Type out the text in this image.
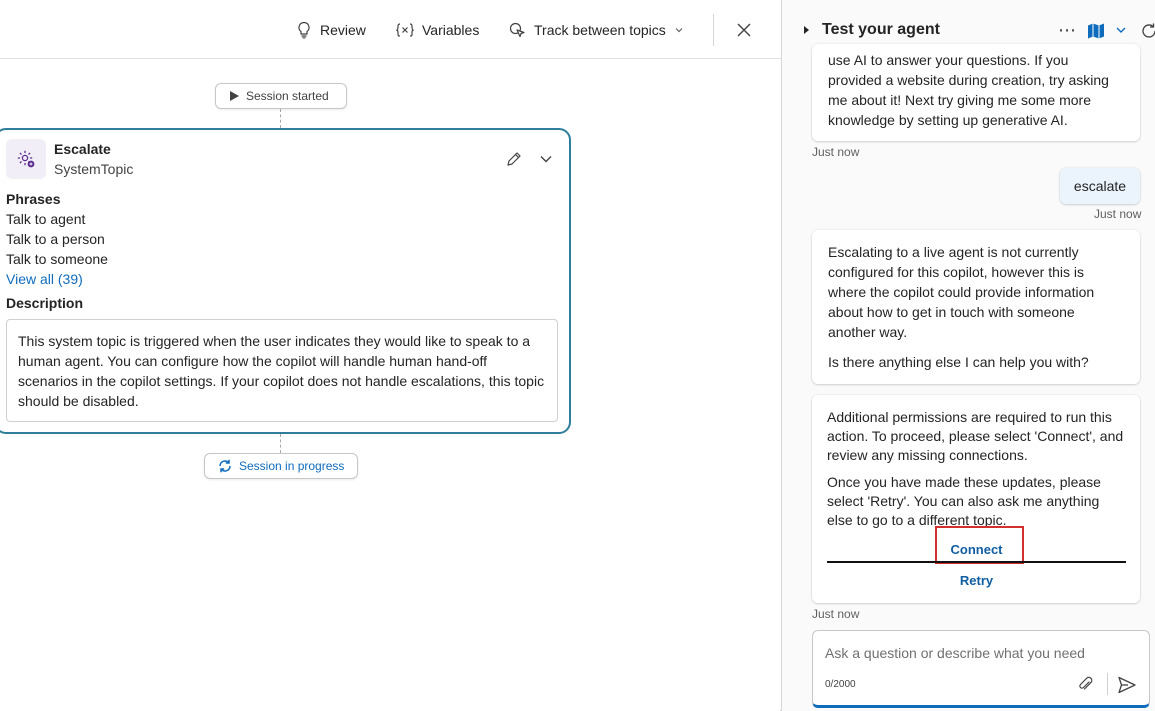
Review	Variables	Track between topics
Session started
Escalate
SystemTopic
Phrases
Talk to agent
Talk to a person
Talk to someone
View all (39)
Description
This system topic is triggered when the user indicates they would like to speak to a human agent. You can configure how the copilot will handle human hand-off scenarios in the copilot settings. If your copilot does not handle escalations, this topic should be disabled.
Session in progress
Test your agent	⋯
use AI to answer your questions. If you provided a website during creation, try asking me about it! Next try giving me some more knowledge by setting up generative AI.
Just now
escalate
Just now

Escalating to a live agent is not currently configured for this copilot, however this is where the copilot could provide information about how to get in touch with someone another way.

Is there anything else I can help you with?

Additional permissions are required to run this action. To proceed, please select 'Connect', and review any missing connections.

Once you have made these updates, please select 'Retry'. You can also ask me anything else to go to a different topic.

Connect
Retry
Just now
Ask a question or describe what you need
0/2000
